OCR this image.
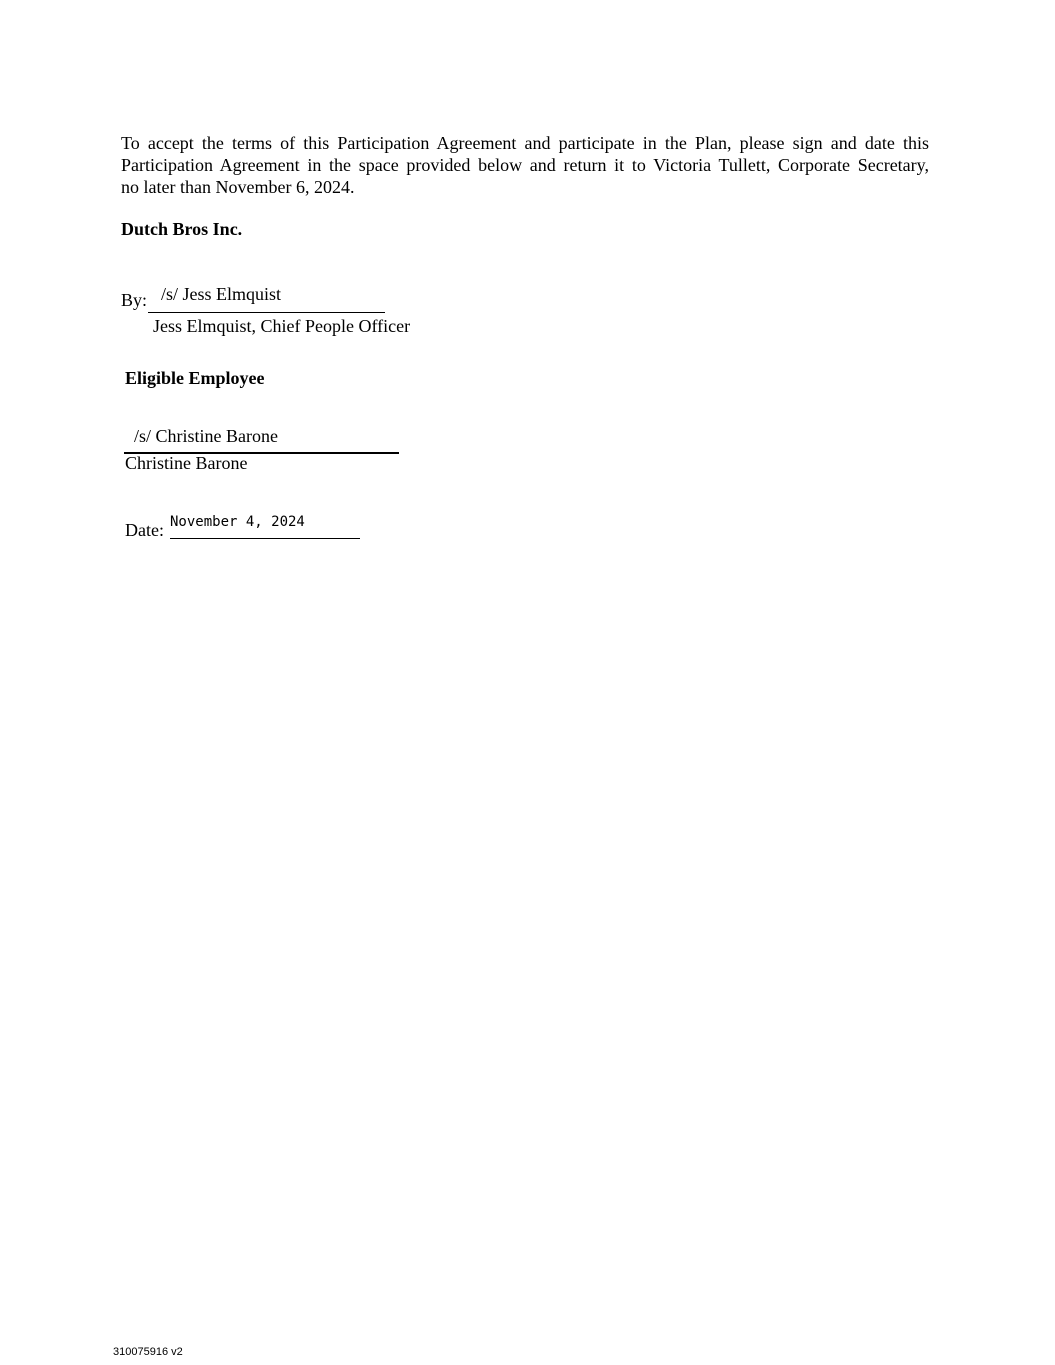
To accept the terms of this Participation Agreement and participate in the Plan, please sign and date this
Participation Agreement in the space provided below and return it to Victoria Tullett, Corporate Secretary,
no later than November 6, 2024.
Dutch Bros Inc.
By: /s/ Jess Elmquist
Jess Elmquist, Chief People Officer
Eligible Employee
/s/ Christine Barone
Christine Barone
Date: November 4, 2024
310075916 v2
